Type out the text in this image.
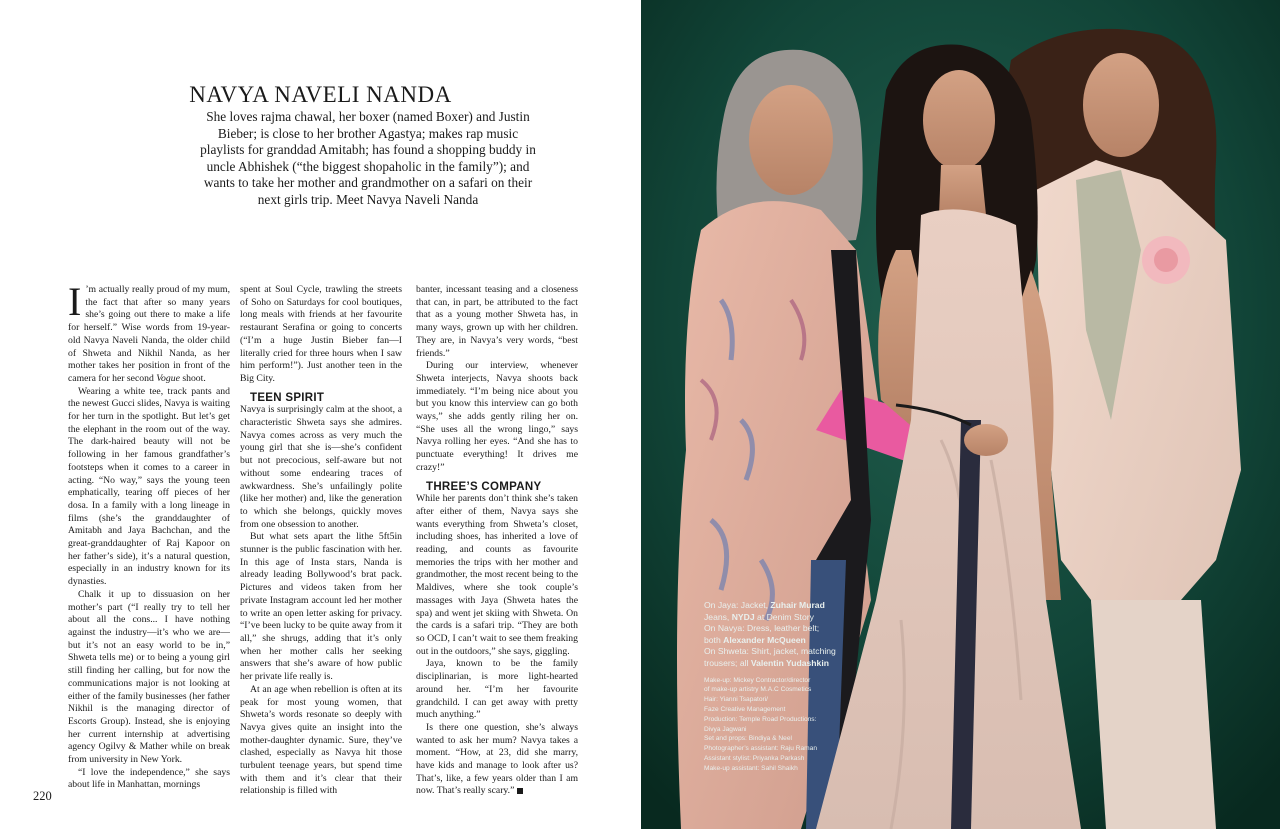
NAVYA NAVELI NANDA

She loves rajma chawal, her boxer (named Boxer) and Justin Bieber; is close to her brother Agastya; makes rap music playlists for granddad Amitabh; has found a shopping buddy in uncle Abhishek (“the biggest shopaholic in the family”); and wants to take her mother and grandmother on a safari on their next girls trip. Meet Navya Naveli Nanda

I ’m actually really proud of my mum, the fact that after so many years she’s going out there to make a life for herself.” Wise words from 19-year-old Navya Naveli Nanda, the older child of Shweta and Nikhil Nanda, as her mother takes her position in front of the camera for her second Vogue shoot.

Wearing a white tee, track pants and the newest Gucci slides, Navya is waiting for her turn in the spotlight. But let’s get the elephant in the room out of the way. The dark-haired beauty will not be following in her famous grandfather’s footsteps when it comes to a career in acting. “No way,” says the young teen emphatically, tearing off pieces of her dosa. In a family with a long lineage in films (she’s the granddaughter of Amitabh and Jaya Bachchan, and the great-granddaughter of Raj Kapoor on her father’s side), it’s a natural question, especially in an industry known for its dynasties.

Chalk it up to dissuasion on her mother’s part (“I really try to tell her about all the cons... I have nothing against the industry—it’s who we are—but it’s not an easy world to be in,” Shweta tells me) or to being a young girl still finding her calling, but for now the communications major is not looking at either of the family businesses (her father Nikhil is the managing director of Escorts Group). Instead, she is enjoying her current internship at advertising agency Ogilvy & Mather while on break from university in New York.

“I love the independence,” she says about life in Manhattan, mornings

spent at Soul Cycle, trawling the streets of Soho on Saturdays for cool boutiques, long meals with friends at her favourite restaurant Serafina or going to concerts (“I’m a huge Justin Bieber fan—I literally cried for three hours when I saw him perform!”). Just another teen in the Big City.

TEEN SPIRIT

Navya is surprisingly calm at the shoot, a characteristic Shweta says she admires. Navya comes across as very much the young girl that she is—she’s confident but not precocious, self-aware but not without some endearing traces of awkwardness. She’s unfailingly polite (like her mother) and, like the generation to which she belongs, quickly moves from one obsession to another.

But what sets apart the lithe 5ft5in stunner is the public fascination with her. In this age of Insta stars, Nanda is already leading Bollywood’s brat pack. Pictures and videos taken from her private Instagram account led her mother to write an open letter asking for privacy. “I’ve been lucky to be quite away from it all,” she shrugs, adding that it’s only when her mother calls her seeking answers that she’s aware of how public her private life really is.

At an age when rebellion is often at its peak for most young women, that Shweta’s words resonate so deeply with Navya gives quite an insight into the mother-daughter dynamic. Sure, they’ve clashed, especially as Navya hit those turbulent teenage years, but spend time with them and it’s clear that their relationship is filled with

banter, incessant teasing and a closeness that can, in part, be attributed to the fact that as a young mother Shweta has, in many ways, grown up with her children. They are, in Navya’s very words, “best friends.”

During our interview, whenever Shweta interjects, Navya shoots back immediately. “I’m being nice about you but you know this interview can go both ways,” she adds gently riling her on. “She uses all the wrong lingo,” says Navya rolling her eyes. “And she has to punctuate everything! It drives me crazy!”

THREE’S COMPANY

While her parents don’t think she’s taken after either of them, Navya says she wants everything from Shweta’s closet, including shoes, has inherited a love of reading, and counts as favourite memories the trips with her mother and grandmother, the most recent being to the Maldives, where she took couple’s massages with Jaya (Shweta hates the spa) and went jet skiing with Shweta. On the cards is a safari trip. “They are both so OCD, I can’t wait to see them freaking out in the outdoors,” she says, giggling.

Jaya, known to be the family disciplinarian, is more light-hearted around her. “I’m her favourite grandchild. I can get away with pretty much anything.”

Is there one question, she’s always wanted to ask her mum? Navya takes a moment. “How, at 23, did she marry, have kids and manage to look after us? That’s, like, a few years older than I am now. That’s really scary.”

220
On Jaya: Jacket, Zuhair Murad
Jeans, NYDJ at Denim Story
On Navya: Dress, leather belt;
both Alexander McQueen
On Shweta: Shirt, jacket, matching
trousers; all Valentin Yudashkin
Make-up: Mickey Contractor/director
of make-up artistry M.A.C Cosmetics
Hair: Yianni Tsapatori/
Faze Creative Management
Production: Temple Road Productions:
Divya Jagwani
Set and props: Bindiya & Neel
Photographer’s assistant: Raju Raman
Assistant stylist: Priyanka Parkash
Make-up assistant: Sahil Shaikh
